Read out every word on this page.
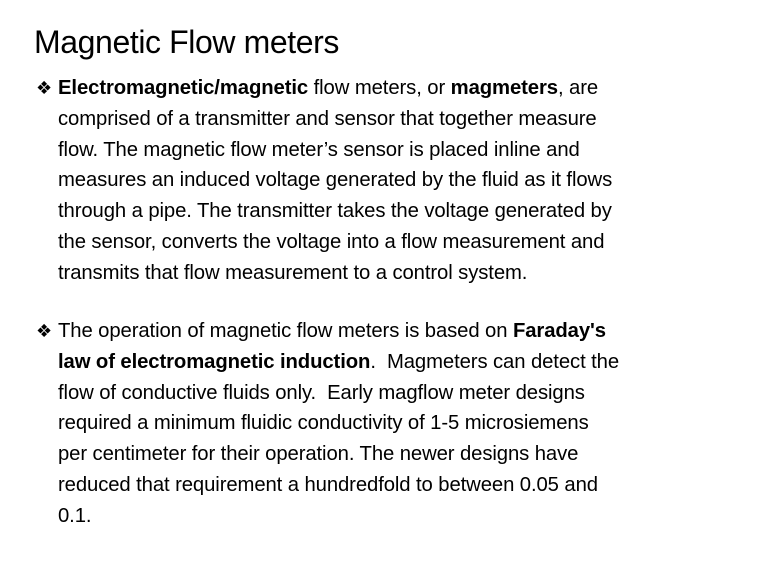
Magnetic Flow meters
❖ Electromagnetic/magnetic flow meters, or magmeters, are
comprised of a transmitter and sensor that together measure
flow. The magnetic flow meter’s sensor is placed inline and
measures an induced voltage generated by the fluid as it flows
through a pipe. The transmitter takes the voltage generated by
the sensor, converts the voltage into a flow measurement and
transmits that flow measurement to a control system.
❖ The operation of magnetic flow meters is based on Faraday's
law of electromagnetic induction.  Magmeters can detect the
flow of conductive fluids only.  Early magflow meter designs
required a minimum fluidic conductivity of 1-5 microsiemens
per centimeter for their operation. The newer designs have
reduced that requirement a hundredfold to between 0.05 and
0.1.
